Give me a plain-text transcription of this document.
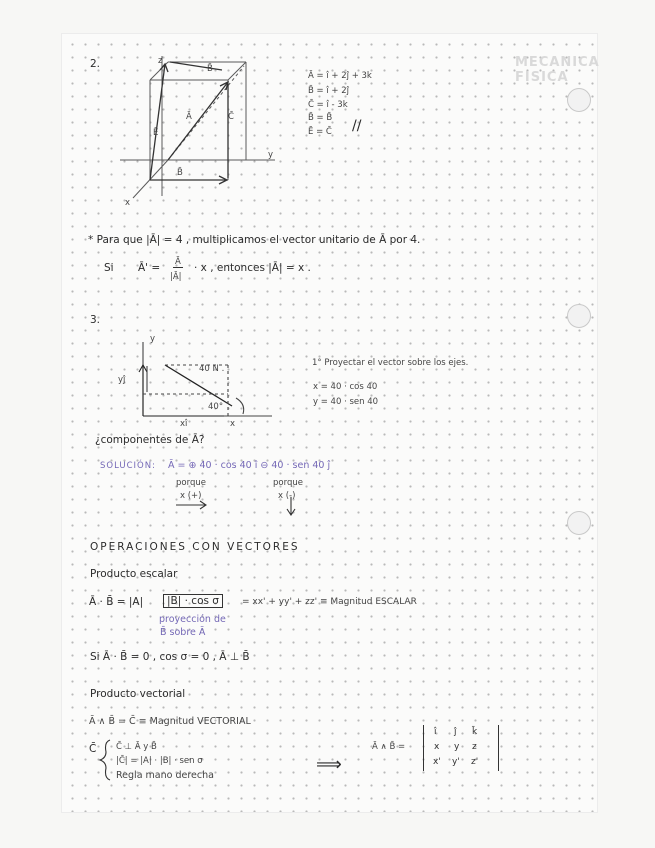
MECANICA FISICA
2.	z
y
x
B̄
Ā	C̄
Ē
B̄
Ā = î + 2ĵ + 3k
B̄ = î + 2ĵ
C̄ = î - 3k
B̄ = B̄
Ē = C̄ //
* Para que |Ā| = 4 , multiplicamos el vector unitario de Ā por 4.
Si Ā' = Ā
|Ā|
· x , entonces |Ā| = x .
3.
y
yĵ
40 N .
40°
xî	x
1° Proyectar el vector sobre los ejes.
x = 40 · cos 40
y = 40 · sen 40
¿componentes de Ā?
SOLUCIÓN: Ā = ⊕ 40 · cos 40 î ⊖ 40 · sen 40 ĵ
porque
x (+)
porque
x (-)
OPERACIONES CON VECTORES
Producto escalar
Ā · B̄ = |A|	|B| · cos σ	= xx' + yy' + zz' ≡ Magnitud ESCALAR
proyección de
B̄ sobre Ā
Si Ā · B̄ = 0 , cos σ = 0 , Ā ⊥ B̄
Producto vectorial
Ā ∧ B̄ = C̄ ≡ Magnitud VECTORIAL
C̄ C̄ ⊥ Ā y B̄
|C̄| = |A| · |B| · sen σ
Regla mano derecha
⟹
Ā ∧ B̄ =
î ĵ k̄
x y z
x' y' z'
